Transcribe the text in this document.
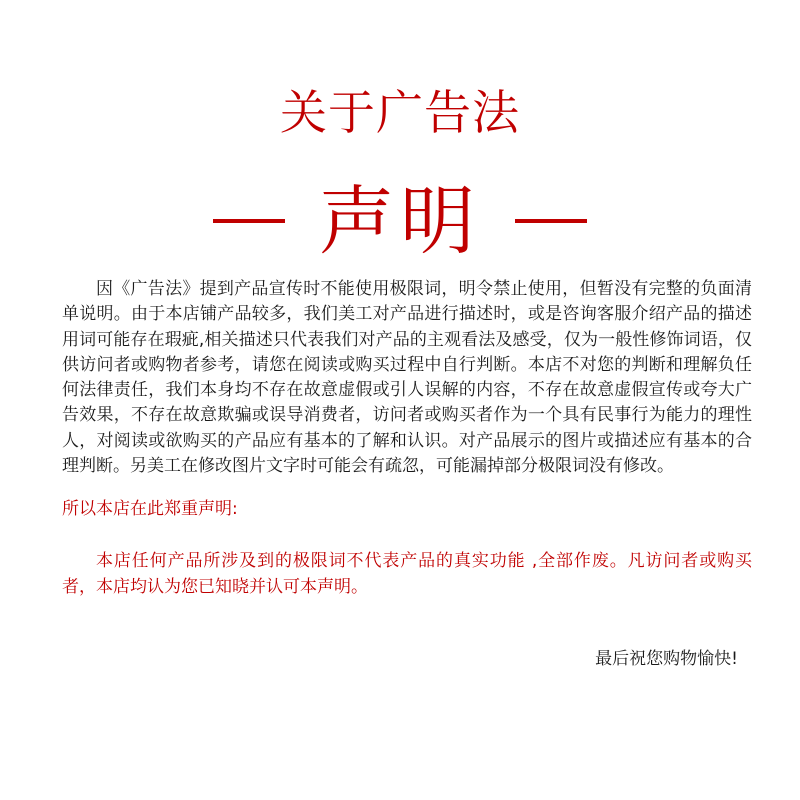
关于广告法
声明

因《广告法》提到产品宣传时不能使用极限词，明令禁止使用，但暂没有完整的负面清单说明。由于本店铺产品较多，我们美工对产品进行描述时，或是咨询客服介绍产品的描述用词可能存在瑕疵,相关描述只代表我们对产品的主观看法及感受，仅为一般性修饰词语，仅供访问者或购物者参考，请您在阅读或购买过程中自行判断。本店不对您的判断和理解负任何法律责任，我们本身均不存在故意虚假或引人误解的内容，不存在故意虚假宣传或夸大广告效果，不存在故意欺骗或误导消费者，访问者或购买者作为一个具有民事行为能力的理性人，对阅读或欲购买的产品应有基本的了解和认识。对产品展示的图片或描述应有基本的合理判断。另美工在修改图片文字时可能会有疏忽，可能漏掉部分极限词没有修改。

所以本店在此郑重声明:

本店任何产品所涉及到的极限词不代表产品的真实功能 ,全部作废。凡访问者或购买者，本店均认为您已知晓并认可本声明。

最后祝您购物愉快!
